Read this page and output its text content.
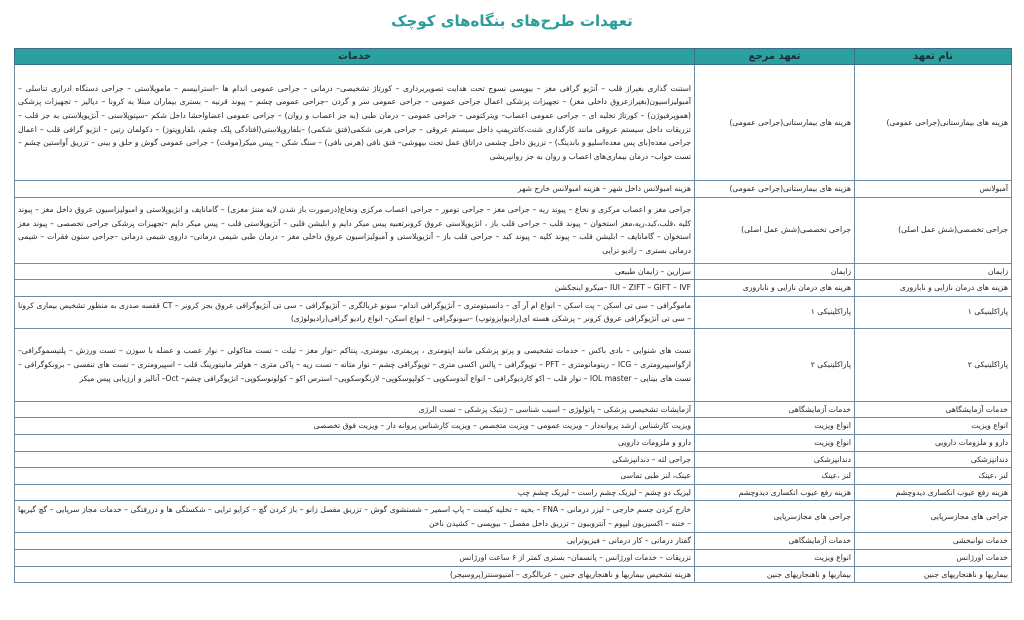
تعهدات طرح‌های بنگاه‌های کوچک
نام تعهد	تعهد مرجع	خدمات
هزینه های بیمارستانی(جراحی عمومی)	هزینه های بیمارستانی(جراحی عمومی)	استنت گذاری بغیراز قلب – آنژیو گرافی مغز – بیوپسی نسوج تحت هدایت تصویربرداری – کورتاژ تشخیصی– درمانی – جراحی عمومی اندام ها –استرابیسم – ماموپلاستی – جراحی دستگاه ادراری تناسلی – آمبولیزاسیون(بغیرازعروق داخلی مغز) – تجهیزات پزشکی اعمال جراحی عمومی – جراحی عمومی سر و گردن –جراحی عمومی چشم – پیوند قرنیه – بستری بیماران مبتلا به کرونا – دیالیز – تجهیزات پزشکی (هموپرفیوژن) – کورتاژ تخلیه ای – جراحی عمومی اعصاب– ویترکتومی – جراحی عمومی – درمان طبی (به جز اعصاب و روان) – جراحی عمومی اعضاواحشا داخل شکم –سپتوپلاستی – آنژیوپلاستی به جز قلب – تزریقات داخل سیستم عروقی مانند کارگذاری شنت،کاتترپمپ داخل سیستم عروقی – جراحی هرنی شکمی(فتق شکمی) –بلفاروپلاستی(افتادگی پلک چشم، بلفاروپتوز) – دکولمان رتین – انژیو گرافی قلب – اعمال جراحی معده(بای پس معده‌اسلیو و باندینگ) – تزریق داخل چشمی دراتاق عمل تحت بیهوشی– فتق نافی (هرنی نافی) – سنگ شکن – پیس میکر(موقت) – جراحی عمومی گوش و حلق و بینی – تزریق آواستین چشم –تست خواب– درمان بیماری‌های اعصاب و روان به جز روانپریشی
آمبولانس	هزینه های بیمارستانی(جراحی عمومی)	هزینه امبولانس داخل شهر – هزینه امبولانس خارج شهر
جراحی تخصصی(شش عمل اصلی)	جراحی تخصصی(شش عمل اصلی)	جراحی مغز و اعصاب مرکزی و نخاع – پیوند ریه – جراحی مغز – جراحی تومور – جراحی اعصاب مرکزی ونخاع(درصورت باز شدن لایه مننژ مغزی) – گامانایف و انژیوپلاستی و امبولیزاسیون عروق داخل مغز – پیوند کلیه ،قلب،کبد،ریه،مغز استخوان – پیوند قلب – جراحی قلب باز ، انژیوپلاستی عروق کرونرتعبیه پیس میکر دایم و ابلیشن قلبی – آنژیوپلاستی قلب – پیس میکر دایم –تجهیزات پزشکی جراحی تخصصی – پیوند مغز استخوان – گامانایف – ابلیشن قلب – پیوند کلیه – پیوند کبد – جراحی قلب باز – آنژیوپلاستی و آمبولیزاسیون عروق داخلی مغز – درمان طبی شیمی درمانی– داروی شیمی درمانی –جراحی ستون فقرات – شیمی درمانی بستری – رادیو ترایی
زایمان	زایمان	سزارین – زایمان طبیعی
هزینه های درمان نازایی و ناباروری	هزینه های درمان نازایی و ناباروری	IUI – ZIFT – GIFT – IVF –میکرو اینجکشن
پاراکلینیکی ۱	پاراکلینیکی ۱	ماموگرافی – سی تی اسکن – پت اسکن – انواع ام آر آی – دانسیتومتری – آنژیوگرافی اندام– سونو غربالگری – آنژیوگرافی – سی تی آنژیوگرافی عروق بجز کرونر – CT قفسه صدری به منظور تشخیص بیماری کرونا – سی تی آنژیوگرافی عروق کرونر – پزشکی هسته ای(رادیوایزوتوپ) –سونوگرافی – انواع اسکن– انواع رادیو گرافی(رادیولوژی)
پاراکلینیکی ۲	پاراکلینیکی ۲	تست های شنوایی – بادی باکس – خدمات تشخیصی و پرتو پزشکی مانند اپتومتری ، پریمتری، بیومتری، پنتاکم –نوار مغز – تیلت – تست متاکولی – نوار عصب و عضله با سوزن – تست ورزش – پلتیسموگرافی– ارگواسپیرومتری – ICG – رینومانومتری – PFT – توپوگرافی – پالس اکسی متری – توپوگرافی چشم – نوار مثانه – تست ریه – پاکی متری – هولتر مانیتورینگ قلب – اسپیرومتری – تست های تنفسی – برونکوگرافی – تست های بینایی – IOL master – نوار قلب – اکو کاردیوگرافی – انواع آندوسکوپی – کولپوسکوپی– لارنگوسکوپی– استرس اکو – کولونوسکوپی– انژیوگرافی چشم– Oct– آنالیز و ارزیابی پیس میکر
خدمات آزمایشگاهی	خدمات آزمایشگاهی	آزمایشات تشخیصی پزشکی – پاتولوژی – اسیب شناسی – ژنتیک پزشکی – تست الرژی
انواع ویزیت	انواع ویزیت	ویزیت کارشناس ارشد پروانه‌دار – ویزیت عمومی – ویزیت متخصص – ویزیت کارشناس پروانه دار – ویزیت فوق تخصصی
دارو و ملزومات دارویی	انواع ویزیت	دارو و ملزومات دارویی
دندانپزشکی	دندانپزشکی	جراحی لثه – دندانپزشکی
لنز ،عینک	لنز ،عینک	عینک، لنز طبی تماسی
هزینه رفع عیوب انکساری دیدوچشم	هزینه رفع عیوب انکساری دیدوچشم	لیزیک دو چشم – لیزیک چشم راست – لیزیک چشم چپ
جراحی های مجازسرپایی	جراحی های مجازسرپایی	خارج کردن جسم خارجی – لیزر درمانی – FNA – بخیه – تخلیه کیست – پاپ اسمیر – شستشوی گوش – تزریق مفصل زانو – باز کردن گچ – کرایو ترایی – شکستگی ها و دررفتگی – خدمات مجاز سرپایی – گچ گیریها – ختنه – اکسیزیون لیپوم – آنتروبیون – تزریق داخل مفصل – بیوپسی – کشیدن ناخن
خدمات توانبخشی	خدمات آزمایشگاهی	گفتار درمانی – کار درمانی – فیزیوترایی
خدمات اورژانس	انواع ویزیت	تزریقات – خدمات اورژانس – پانسمان– بستری کمتر از ۶ ساعت اورژانس
بیماریها و ناهنجاریهای جنین	بیماریها و ناهنجاریهای جنین	هزینه تشخیص بیماریها و ناهنجاریهای جنین – غربالگری – آمنیوسنتز(پروسیجر)
